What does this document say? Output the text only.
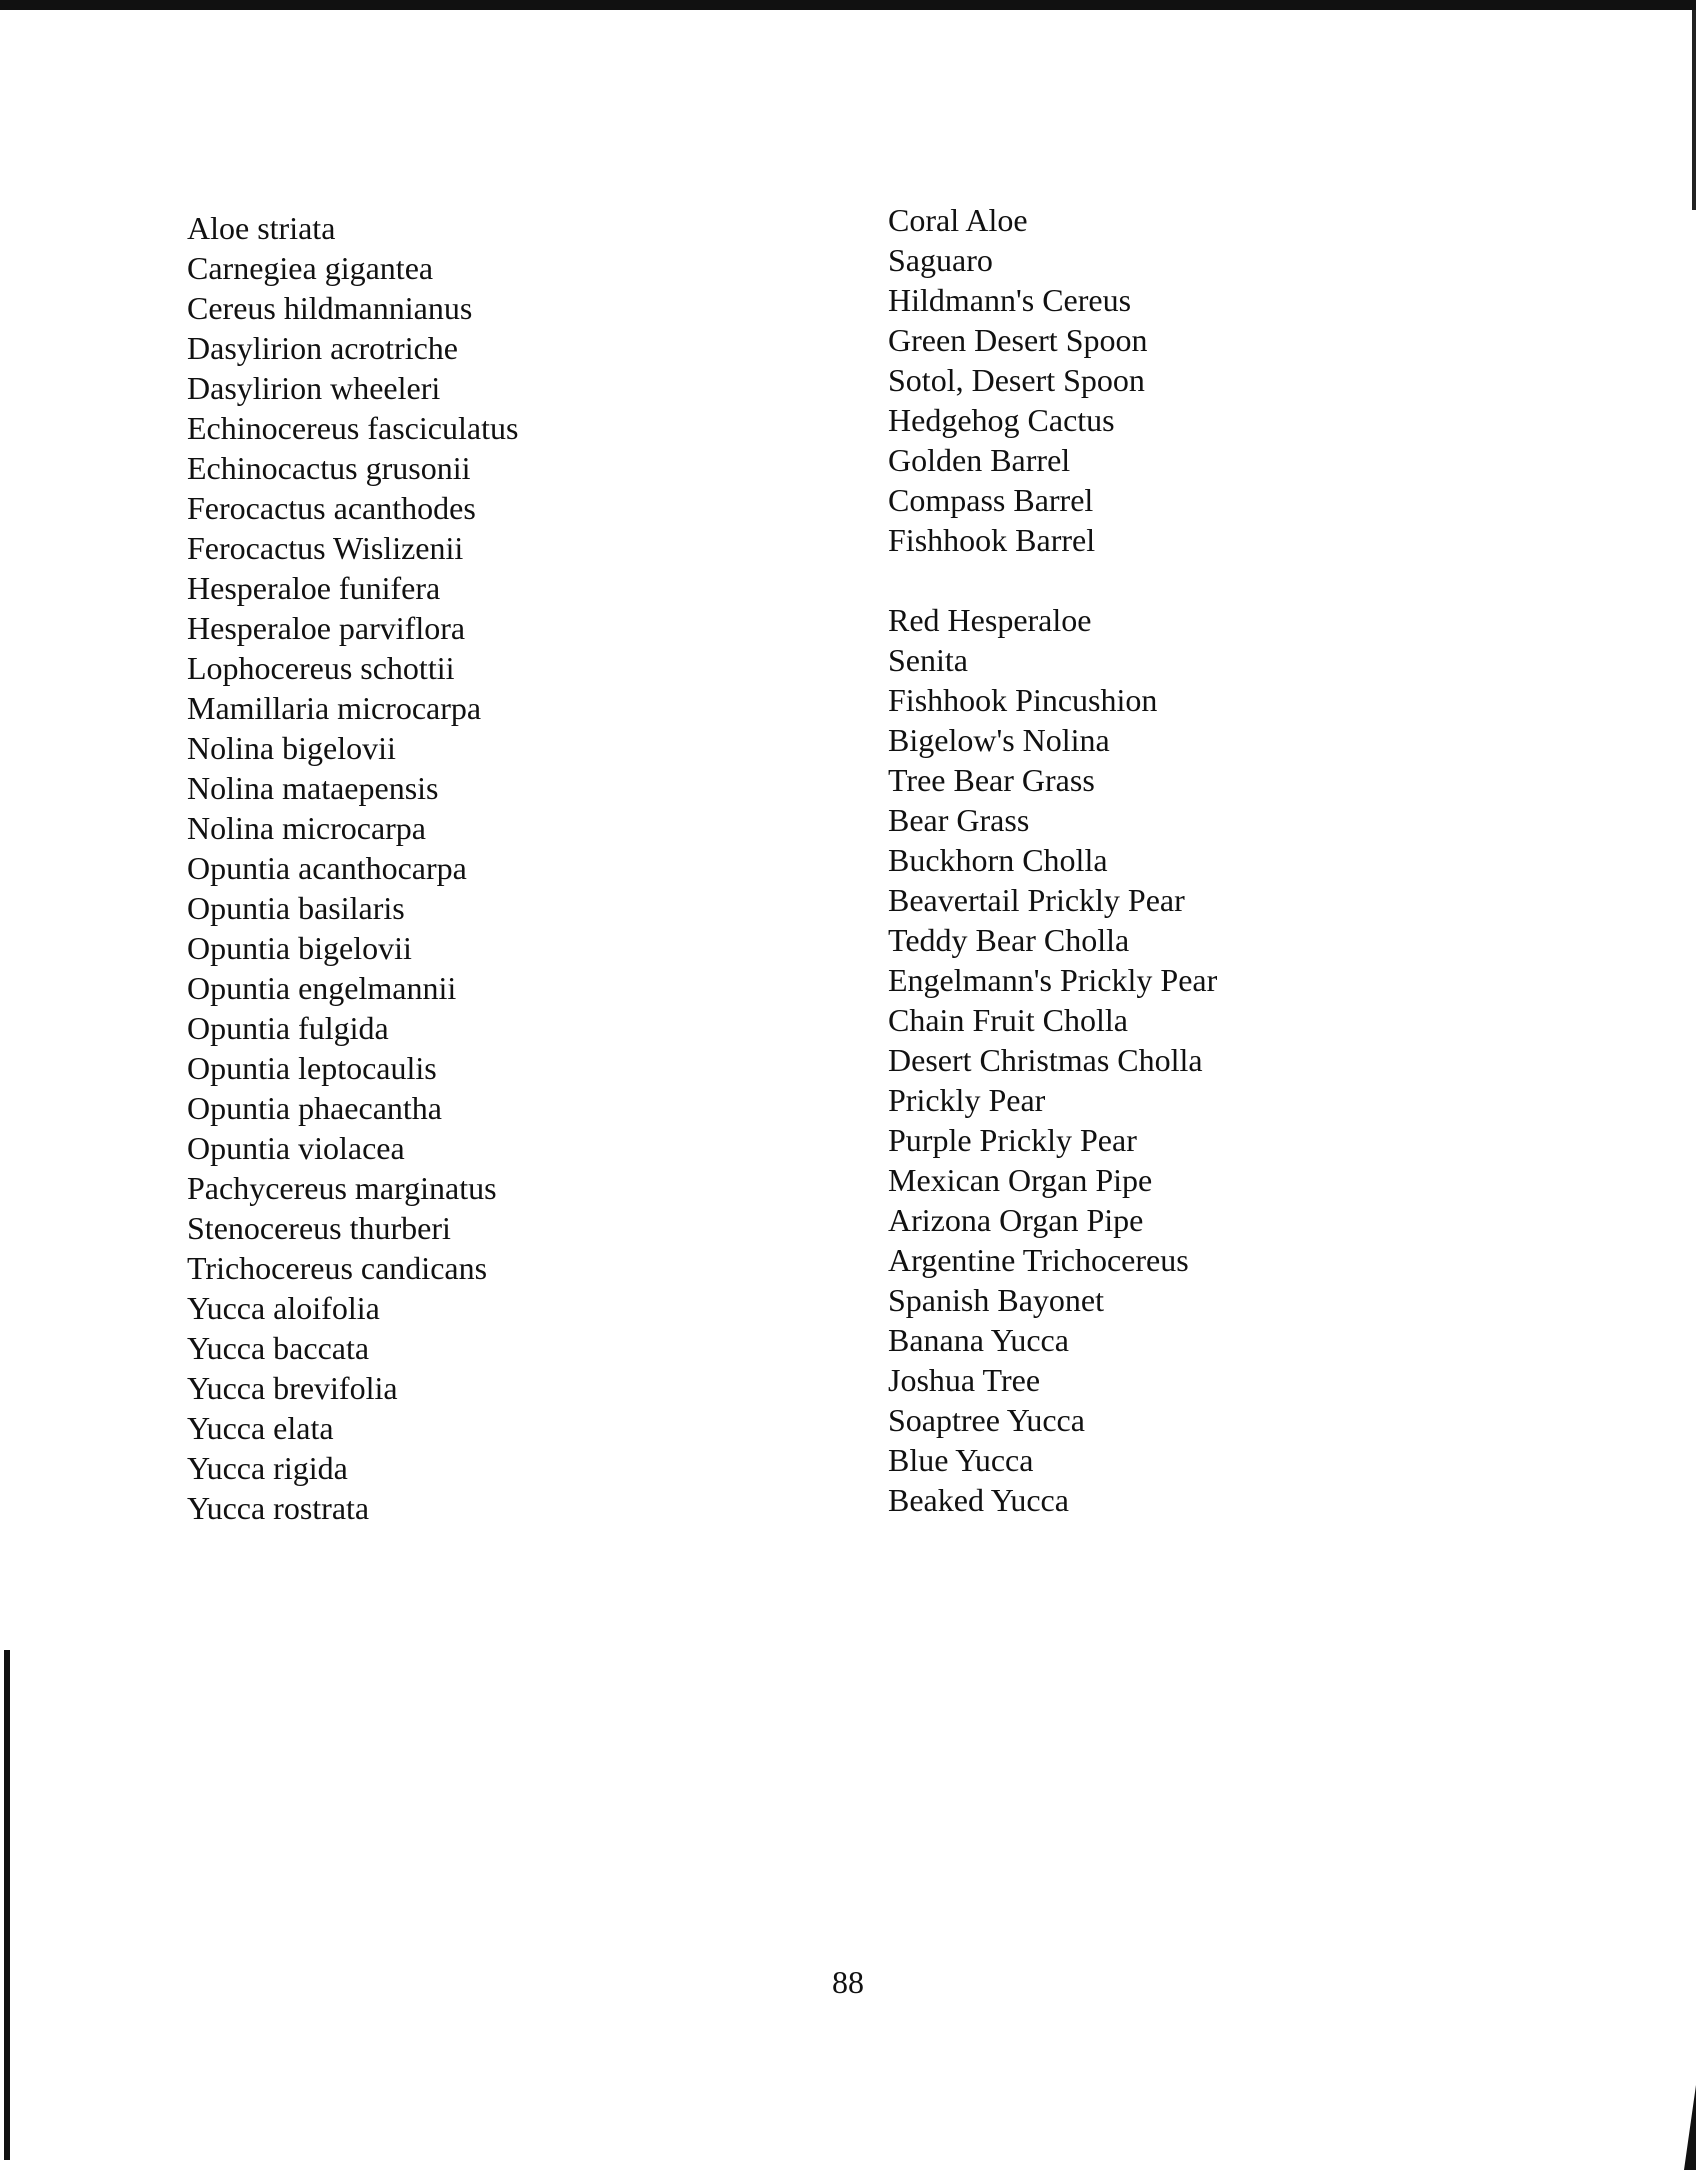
Aloe striata
Carnegiea gigantea
Cereus hildmannianus
Dasylirion acrotriche
Dasylirion wheeleri
Echinocereus fasciculatus
Echinocactus grusonii
Ferocactus acanthodes
Ferocactus Wislizenii
Hesperaloe funifera
Hesperaloe parviflora
Lophocereus schottii
Mamillaria microcarpa
Nolina bigelovii
Nolina mataepensis
Nolina microcarpa
Opuntia acanthocarpa
Opuntia basilaris
Opuntia bigelovii
Opuntia engelmannii
Opuntia fulgida
Opuntia leptocaulis
Opuntia phaecantha
Opuntia violacea
Pachycereus marginatus
Stenocereus thurberi
Trichocereus candicans
Yucca aloifolia
Yucca baccata
Yucca brevifolia
Yucca elata
Yucca rigida
Yucca rostrata
Coral Aloe
Saguaro
Hildmann's Cereus
Green Desert Spoon
Sotol, Desert Spoon
Hedgehog Cactus
Golden Barrel
Compass Barrel
Fishhook Barrel
Red Hesperaloe
Senita
Fishhook Pincushion
Bigelow's Nolina
Tree Bear Grass
Bear Grass
Buckhorn Cholla
Beavertail Prickly Pear
Teddy Bear Cholla
Engelmann's Prickly Pear
Chain Fruit Cholla
Desert Christmas Cholla
Prickly Pear
Purple Prickly Pear
Mexican Organ Pipe
Arizona Organ Pipe
Argentine Trichocereus
Spanish Bayonet
Banana Yucca
Joshua Tree
Soaptree Yucca
Blue Yucca
Beaked Yucca
88
